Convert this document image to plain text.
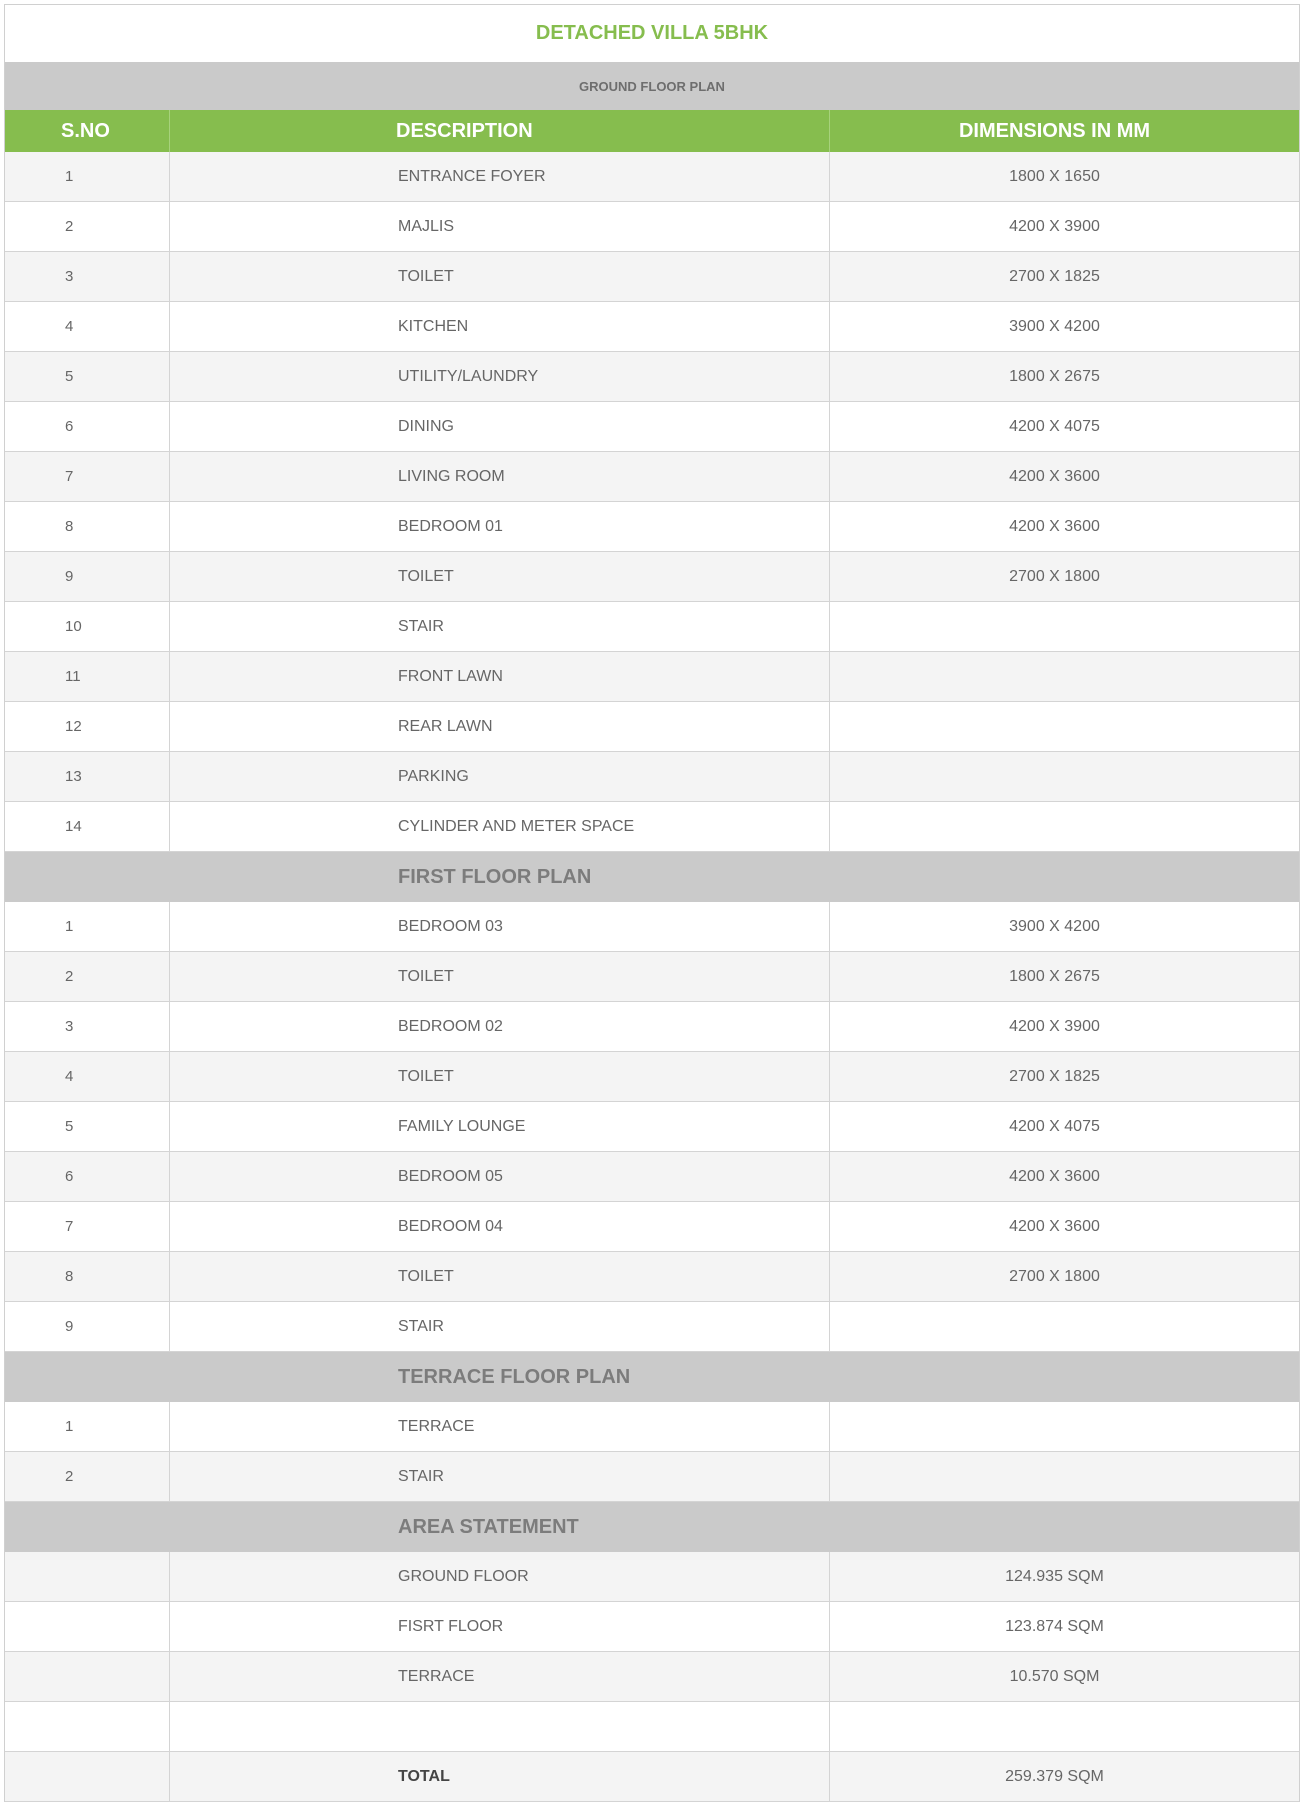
DETACHED VILLA 5BHK
GROUND FLOOR PLAN
S.NO	DESCRIPTION	DIMENSIONS IN MM
1	ENTRANCE FOYER	1800 X 1650
2	MAJLIS	4200 X 3900
3	TOILET	2700 X 1825
4	KITCHEN	3900 X 4200
5	UTILITY/LAUNDRY	1800 X 2675
6	DINING	4200 X 4075
7	LIVING ROOM	4200 X 3600
8	BEDROOM 01	4200 X 3600
9	TOILET	2700 X 1800
10	STAIR
11	FRONT LAWN
12	REAR LAWN
13	PARKING
14	CYLINDER AND METER SPACE
FIRST FLOOR PLAN
1	BEDROOM 03	3900 X 4200
2	TOILET	1800 X 2675
3	BEDROOM 02	4200 X 3900
4	TOILET	2700 X 1825
5	FAMILY LOUNGE	4200 X 4075
6	BEDROOM 05	4200 X 3600
7	BEDROOM 04	4200 X 3600
8	TOILET	2700 X 1800
9	STAIR
TERRACE FLOOR PLAN
1	TERRACE
2	STAIR
AREA STATEMENT
GROUND FLOOR	124.935 SQM
FISRT FLOOR	123.874 SQM
TERRACE	10.570 SQM
TOTAL	259.379 SQM
